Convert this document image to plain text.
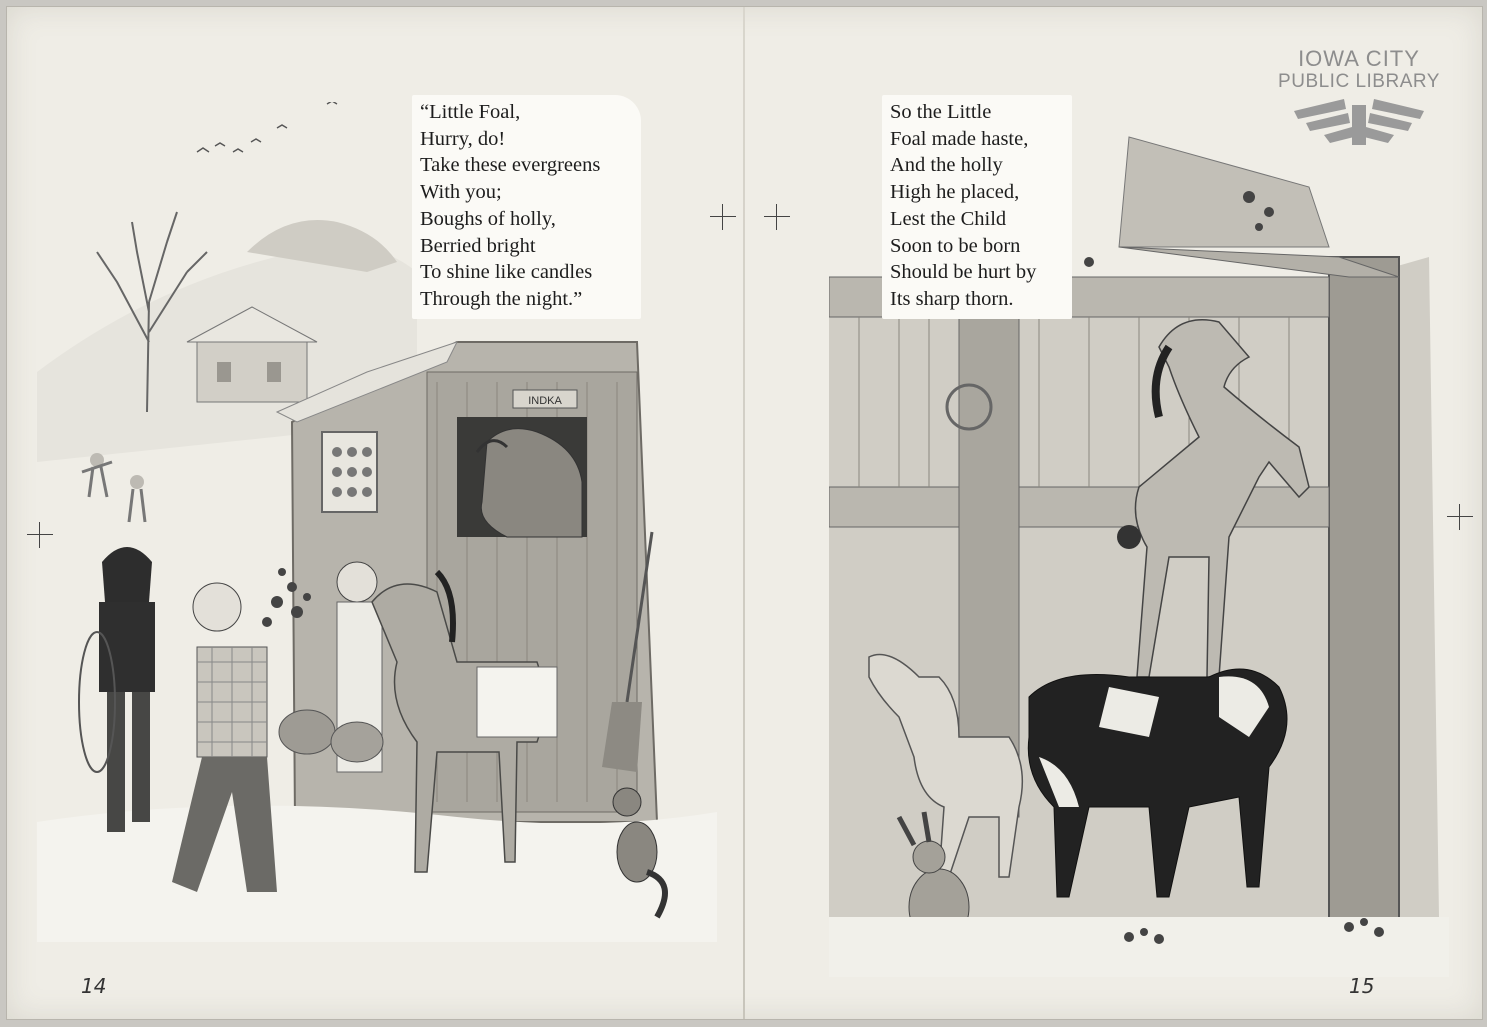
INDKA
“Little Foal,
Hurry, do!
Take these evergreens
With you;
Boughs of holly,
Berried bright
To shine like candles
Through the night.”
14
So the Little
Foal made haste,
And the holly
High he placed,
Lest the Child
Soon to be born
Should be hurt by
Its sharp thorn.
15
IOWA CITY
PUBLIC LIBRARY
